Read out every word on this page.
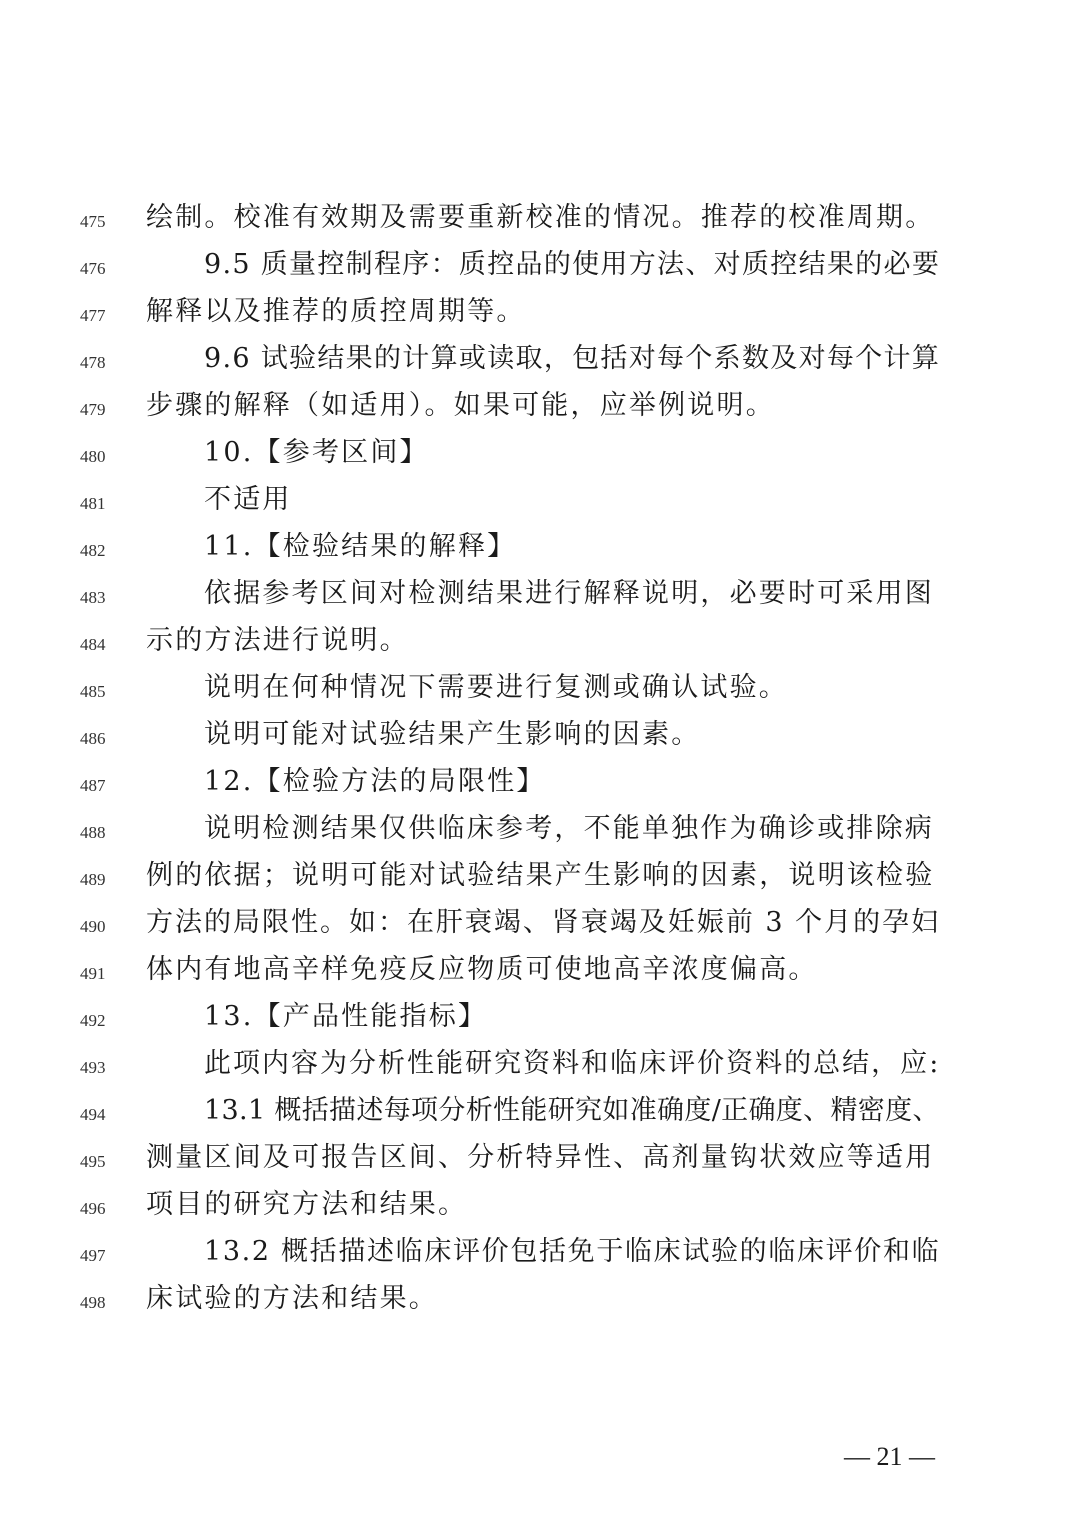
— 21 —
475	绘制。校准有效期及需要重新校准的情况。推荐的校准周期。
476	9.5 质量控制程序：质控品的使用方法、对质控结果的必要
477	解释以及推荐的质控周期等。
478	9.6 试验结果的计算或读取，包括对每个系数及对每个计算
479	步骤的解释（如适用）。如果可能，应举例说明。
480	10.【参考区间】
481	不适用
482	11.【检验结果的解释】
483	依据参考区间对检测结果进行解释说明，必要时可采用图
484	示的方法进行说明。
485	说明在何种情况下需要进行复测或确认试验。
486	说明可能对试验结果产生影响的因素。
487	12.【检验方法的局限性】
488	说明检测结果仅供临床参考，不能单独作为确诊或排除病
489	例的依据；说明可能对试验结果产生影响的因素，说明该检验
490	方法的局限性。如：在肝衰竭、肾衰竭及妊娠前 3 个月的孕妇
491	体内有地高辛样免疫反应物质可使地高辛浓度偏高。
492	13.【产品性能指标】
493	此项内容为分析性能研究资料和临床评价资料的总结，应:
494	13.1 概括描述每项分析性能研究如准确度/正确度、精密度、
495	测量区间及可报告区间、分析特异性、高剂量钩状效应等适用
496	项目的研究方法和结果。
497	13.2 概括描述临床评价包括免于临床试验的临床评价和临
498	床试验的方法和结果。
